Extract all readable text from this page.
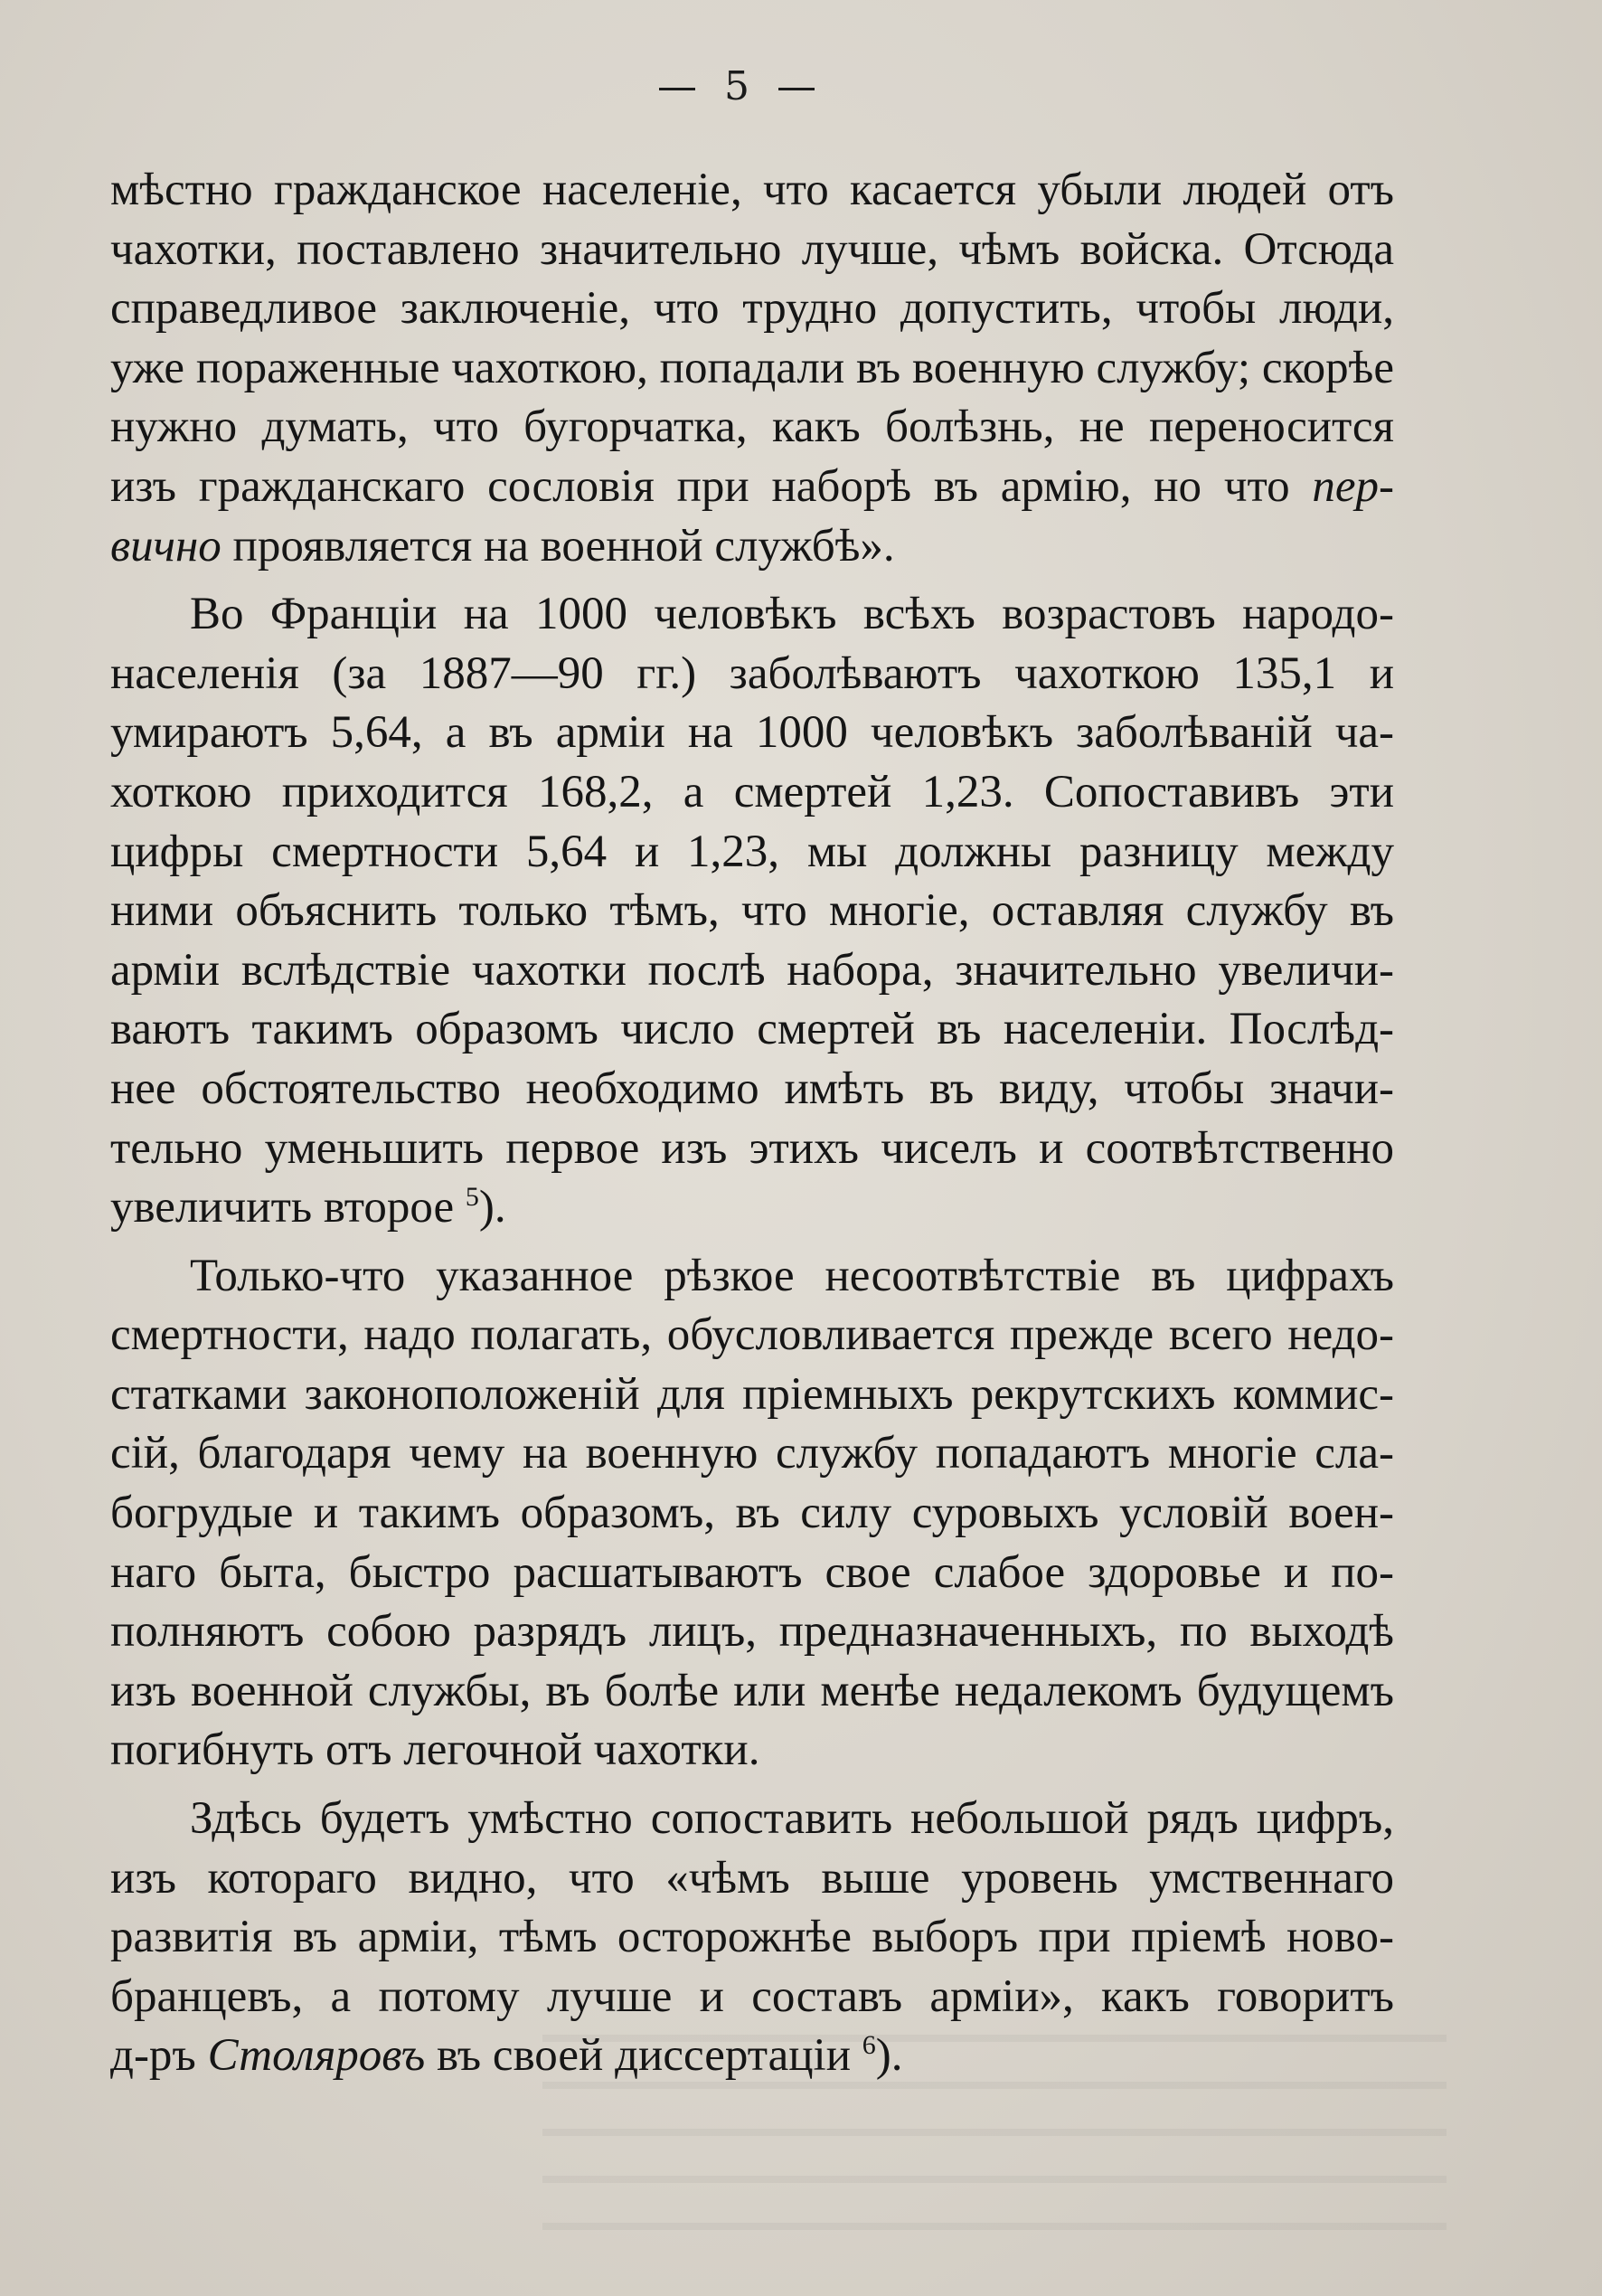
5
мѣстно гражданское населеніе, что касается убыли людей отъ
чахотки, поставлено значительно лучше, чѣмъ войска. Отсюда
справедливое заключеніе, что трудно допустить, чтобы люди,
уже пораженные чахоткою, попадали въ военную службу; скорѣе
нужно думать, что бугорчатка, какъ болѣзнь, не переносится
изъ гражданскаго сословія при наборѣ въ армію, но что пер-
вично проявляется на военной службѣ».
Во Франціи на 1000 человѣкъ всѣхъ возрастовъ народо-
населенія (за 1887—90 гг.) заболѣваютъ чахоткою 135,1 и
умираютъ 5,64, а въ арміи на 1000 человѣкъ заболѣваній ча-
хоткою приходится 168,2, а смертей 1,23. Сопоставивъ эти
цифры смертности 5,64 и 1,23, мы должны разницу между
ними объяснить только тѣмъ, что многіе, оставляя службу въ
арміи вслѣдствіе чахотки послѣ набора, значительно увеличи-
ваютъ такимъ образомъ число смертей въ населеніи. Послѣд-
нее обстоятельство необходимо имѣть въ виду, чтобы значи-
тельно уменьшить первое изъ этихъ чиселъ и соотвѣтственно
увеличить второе $^5$).
Только-что указанное рѣзкое несоотвѣтствіе въ цифрахъ
смертности, надо полагать, обусловливается прежде всего недо-
статками законоположеній для пріемныхъ рекрутскихъ коммис-
сій, благодаря чему на военную службу попадаютъ многіе сла-
богрудые и такимъ образомъ, въ силу суровыхъ условій воен-
наго быта, быстро расшатываютъ свое слабое здоровье и по-
полняютъ собою разрядъ лицъ, предназначенныхъ, по выходѣ
изъ военной службы, въ болѣе или менѣе недалекомъ будущемъ
погибнуть отъ легочной чахотки.
Здѣсь будетъ умѣстно сопоставить небольшой рядъ цифръ,
изъ котораго видно, что «чѣмъ выше уровень умственнаго
развитія въ арміи, тѣмъ осторожнѣе выборъ при пріемѣ ново-
бранцевъ, а потому лучше и составъ арміи», какъ говоритъ
д-ръ Столяровъ въ своей диссертаціи $^6$).
